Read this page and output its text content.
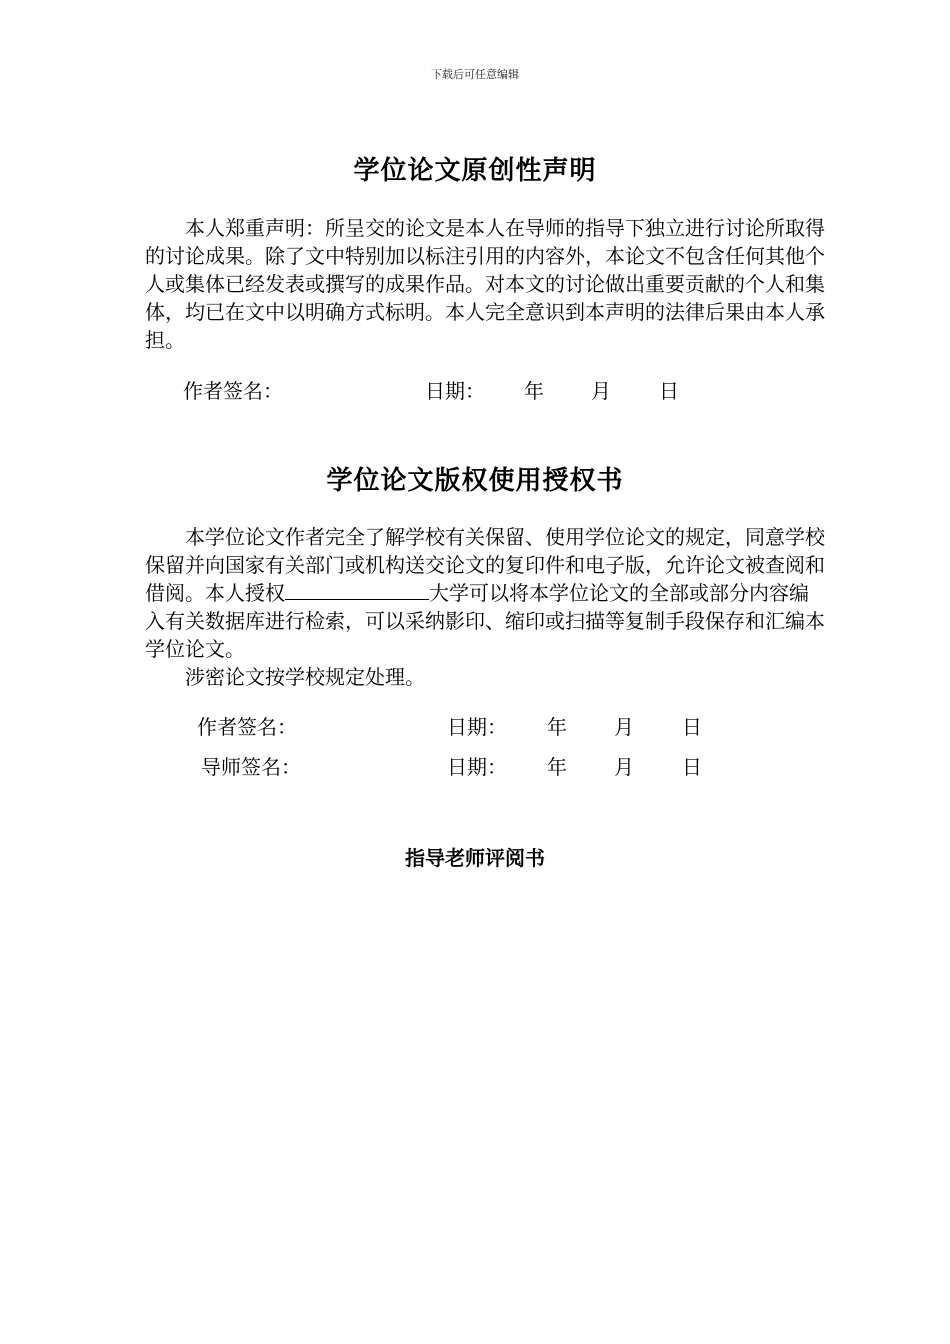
下载后可任意编辑
学位论文原创性声明

本人郑重声明：所呈交的论文是本人在导师的指导下独立进行讨论所取得的讨论成果。除了文中特别加以标注引用的内容外，本论文不包含任何其他个人或集体已经发表或撰写的成果作品。对本文的讨论做出重要贡献的个人和集体，均已在文中以明确方式标明。本人完全意识到本声明的法律后果由本人承担。

作者签名：	日期： 年 月 日
学位论文版权使用授权书

本学位论文作者完全了解学校有关保留、使用学位论文的规定，同意学校保留并向国家有关部门或机构送交论文的复印件和电子版，允许论文被查阅和借阅。本人授权	大学可以将本学位论文的全部或部分内容编入有关数据库进行检索，可以采纳影印、缩印或扫描等复制手段保存和汇编本学位论文。

涉密论文按学校规定处理。

作者签名：	日期： 年 月 日
导师签名：	日期： 年 月 日
指导老师评阅书
